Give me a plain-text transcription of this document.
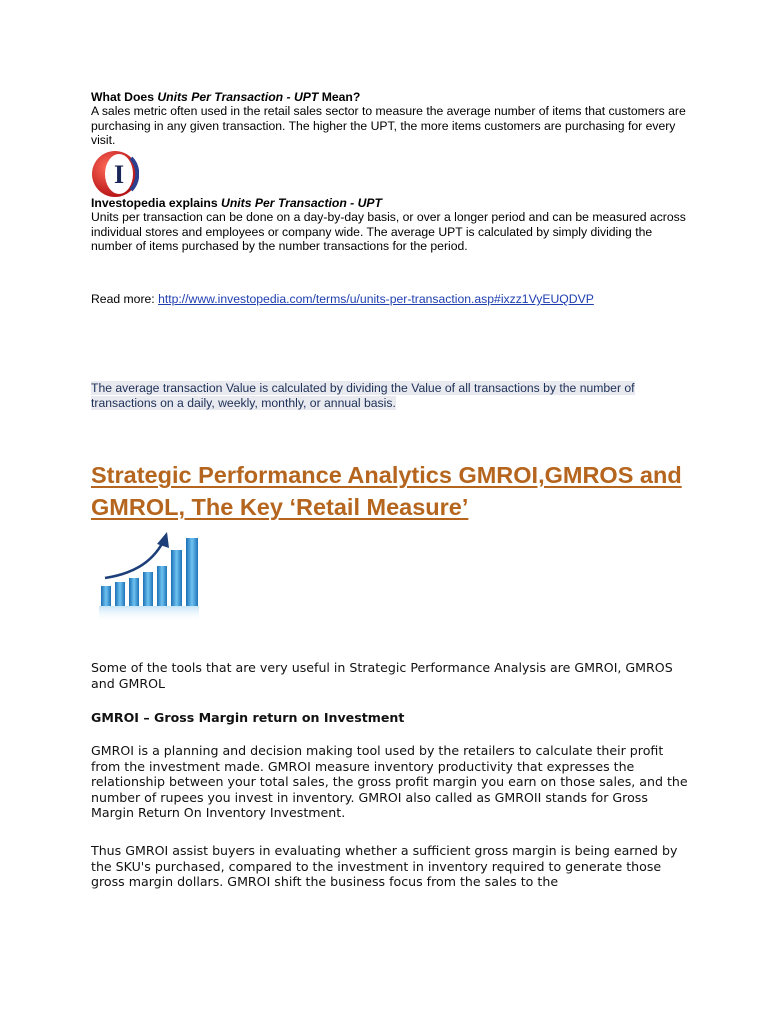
What Does Units Per Transaction - UPT Mean?

A sales metric often used in the retail sales sector to measure the average number of items that customers are purchasing in any given transaction. The higher the UPT, the more items customers are purchasing for every visit.

I

Investopedia explains Units Per Transaction - UPT

Units per transaction can be done on a day-by-day basis, or over a longer period and can be measured across individual stores and employees or company wide. The average UPT is calculated by simply dividing the number of items purchased by the number transactions for the period.

Read more: http://www.investopedia.com/terms/u/units-per-transaction.asp#ixzz1VyEUQDVP

The average transaction Value is calculated by dividing the Value of all transactions by the number of transactions on a daily, weekly, monthly, or annual basis.

Strategic Performance Analytics GMROI,GMROS and GMROL, The Key ‘Retail Measure’

Some of the tools that are very useful in Strategic Performance Analysis are GMROI, GMROS and GMROL

GMROI – Gross Margin return on Investment

GMROI is a planning and decision making tool used by the retailers to calculate their profit from the investment made. GMROI measure inventory productivity that expresses the relationship between your total sales, the gross profit margin you earn on those sales, and the number of rupees you invest in inventory. GMROI also called as GMROII stands for Gross Margin Return On Inventory Investment.

Thus GMROI assist buyers in evaluating whether a sufficient gross margin is being earned by the SKU's purchased, compared to the investment in inventory required to generate those gross margin dollars. GMROI shift the business focus from the sales to the
